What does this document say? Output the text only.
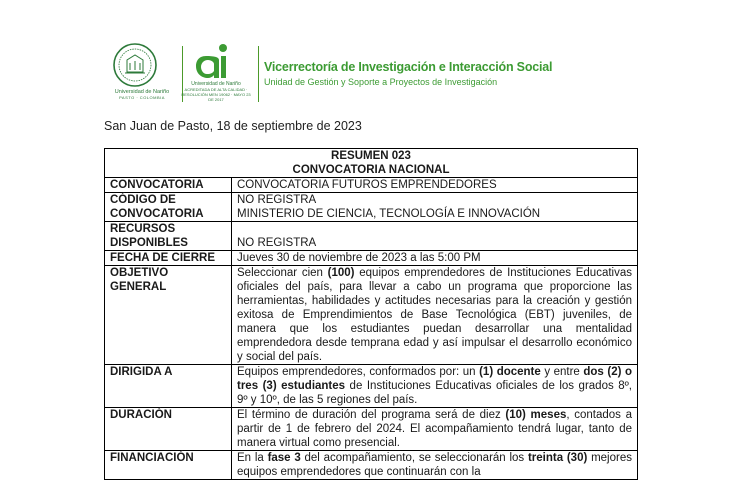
Universidad de Nariño
PASTO · COLOMBIA
Universidad de Nariño
ACREDITADA DE ALTA CALIDAD · RESOLUCIÓN MEN 19062 · MAYO 23 DE 2017
Vicerrectoría de Investigación e Interacción Social
Unidad de Gestión y Soporte a Proyectos de Investigación
San Juan de Pasto, 18 de septiembre de 2023
RESUMEN 023
CONVOCATORIA NACIONAL	

CONVOCATORIA	CONVOCATORIA FUTUROS EMPRENDEDORES
CÓDIGO DE CONVOCATORIA	NO REGISTRA
MINISTERIO DE CIENCIA, TECNOLOGÍA E INNOVACIÓN

RECURSOS DISPONIBLES	NO REGISTRA
FECHA DE CIERRE	Jueves 30 de noviembre de 2023 a las 5:00 PM
OBJETIVO GENERAL	Seleccionar cien (100) equipos emprendedores de Instituciones Educativas oficiales del país, para llevar a cabo un programa que proporcione las herramientas, habilidades y actitudes necesarias para la creación y gestión exitosa de Emprendimientos de Base Tecnológica (EBT) juveniles, de manera que los estudiantes puedan desarrollar una mentalidad emprendedora desde temprana edad y así impulsar el desarrollo económico y social del país.
DIRIGIDA A	Equipos emprendedores, conformados por: un (1) docente y entre dos (2) o tres (3) estudiantes de Instituciones Educativas oficiales de los grados 8º, 9º y 10º, de las 5 regiones del país.
DURACIÓN	El término de duración del programa será de diez (10) meses, contados a partir de 1 de febrero del 2024. El acompañamiento tendrá lugar, tanto de manera virtual como presencial.
FINANCIACIÓN	En la fase 3 del acompañamiento, se seleccionarán los treinta (30) mejores equipos emprendedores que continuarán con la
